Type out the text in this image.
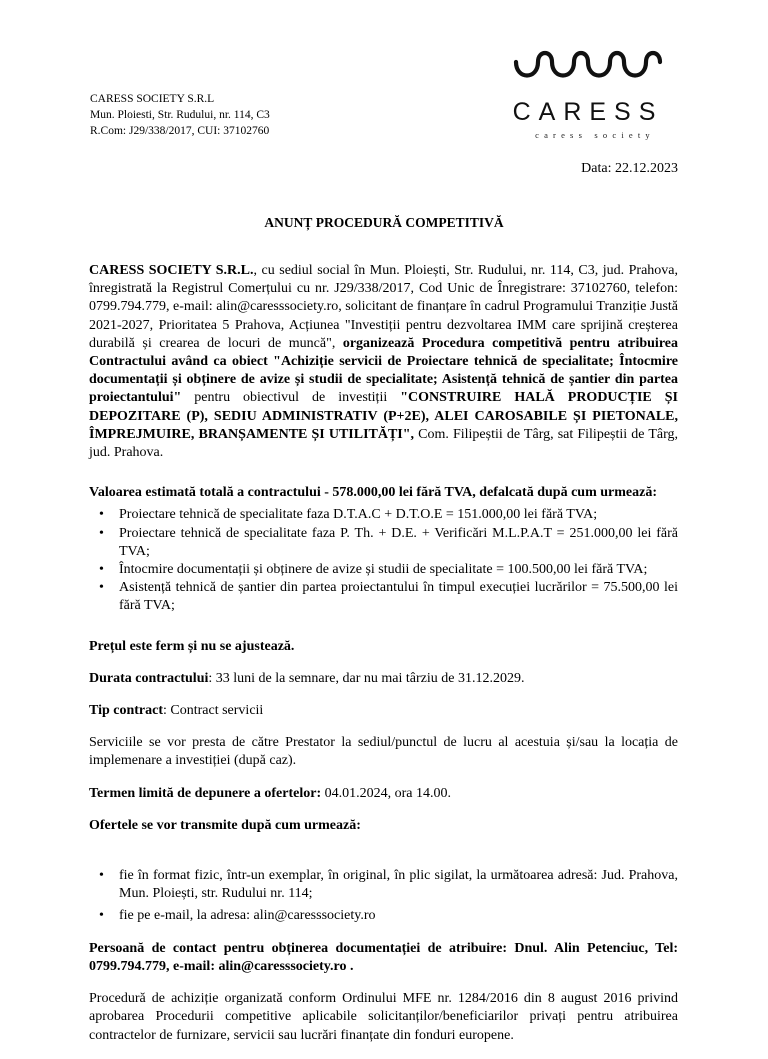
CARESS SOCIETY S.R.L
Mun. Ploiesti, Str. Rudului, nr. 114, C3
R.Com: J29/338/2017, CUI: 37102760
CARESS
caress society
Data: 22.12.2023
ANUNȚ PROCEDURĂ COMPETITIVĂ

CARESS SOCIETY S.R.L., cu sediul social în Mun. Ploiești, Str. Rudului, nr. 114, C3, jud. Prahova, înregistrată la Registrul Comerțului cu nr. J29/338/2017, Cod Unic de Înregistrare: 37102760, telefon: 0799.794.779, e-mail: alin@caresssociety.ro, solicitant de finanțare în cadrul Programului Tranziție Justă 2021-2027, Prioritatea 5 Prahova, Acțiunea "Investiții pentru dezvoltarea IMM care sprijină creșterea durabilă și crearea de locuri de muncă", organizează Procedura competitivă pentru atribuirea Contractului având ca obiect "Achiziție servicii de Proiectare tehnică de specialitate; Întocmire documentații și obținere de avize și studii de specialitate; Asistență tehnică de șantier din partea proiectantului" pentru obiectivul de investiții "CONSTRUIRE HALĂ PRODUCȚIE ȘI DEPOZITARE (P), SEDIU ADMINISTRATIV (P+2E), ALEI CAROSABILE ȘI PIETONALE, ÎMPREJMUIRE, BRANȘAMENTE ȘI UTILITĂȚI", Com. Filipeștii de Târg, sat Filipeștii de Târg, jud. Prahova.

Valoarea estimată totală a contractului - 578.000,00 lei fără TVA, defalcată după cum urmează:

• Proiectare tehnică de specialitate faza D.T.A.C + D.T.O.E = 151.000,00 lei fără TVA;
• Proiectare tehnică de specialitate faza P. Th. + D.E. + Verificări M.L.P.A.T = 251.000,00 lei fără TVA;
• Întocmire documentații și obținere de avize și studii de specialitate = 100.500,00 lei fără TVA;
• Asistență tehnică de șantier din partea proiectantului în timpul execuției lucrărilor = 75.500,00 lei fără TVA;

Prețul este ferm și nu se ajustează.

Durata contractului: 33 luni de la semnare, dar nu mai târziu de 31.12.2029.

Tip contract: Contract servicii

Serviciile se vor presta de către Prestator la sediul/punctul de lucru al acestuia și/sau la locația de implemenare a investiției (după caz).

Termen limită de depunere a ofertelor: 04.01.2024, ora 14.00.

Ofertele se vor transmite după cum urmează:

• fie în format fizic, într-un exemplar, în original, în plic sigilat, la următoarea adresă: Jud. Prahova, Mun. Ploiești, str. Rudului nr. 114;
• fie pe e-mail, la adresa: alin@caresssociety.ro

Persoană de contact pentru obținerea documentației de atribuire: Dnul. Alin Petenciuc, Tel: 0799.794.779, e-mail: alin@caresssociety.ro .

Procedură de achiziție organizată conform Ordinului MFE nr. 1284/2016 din 8 august 2016 privind aprobarea Procedurii competitive aplicabile solicitanților/beneficiarilor privați pentru atribuirea contractelor de furnizare, servicii sau lucrări finanțate din fonduri europene.
